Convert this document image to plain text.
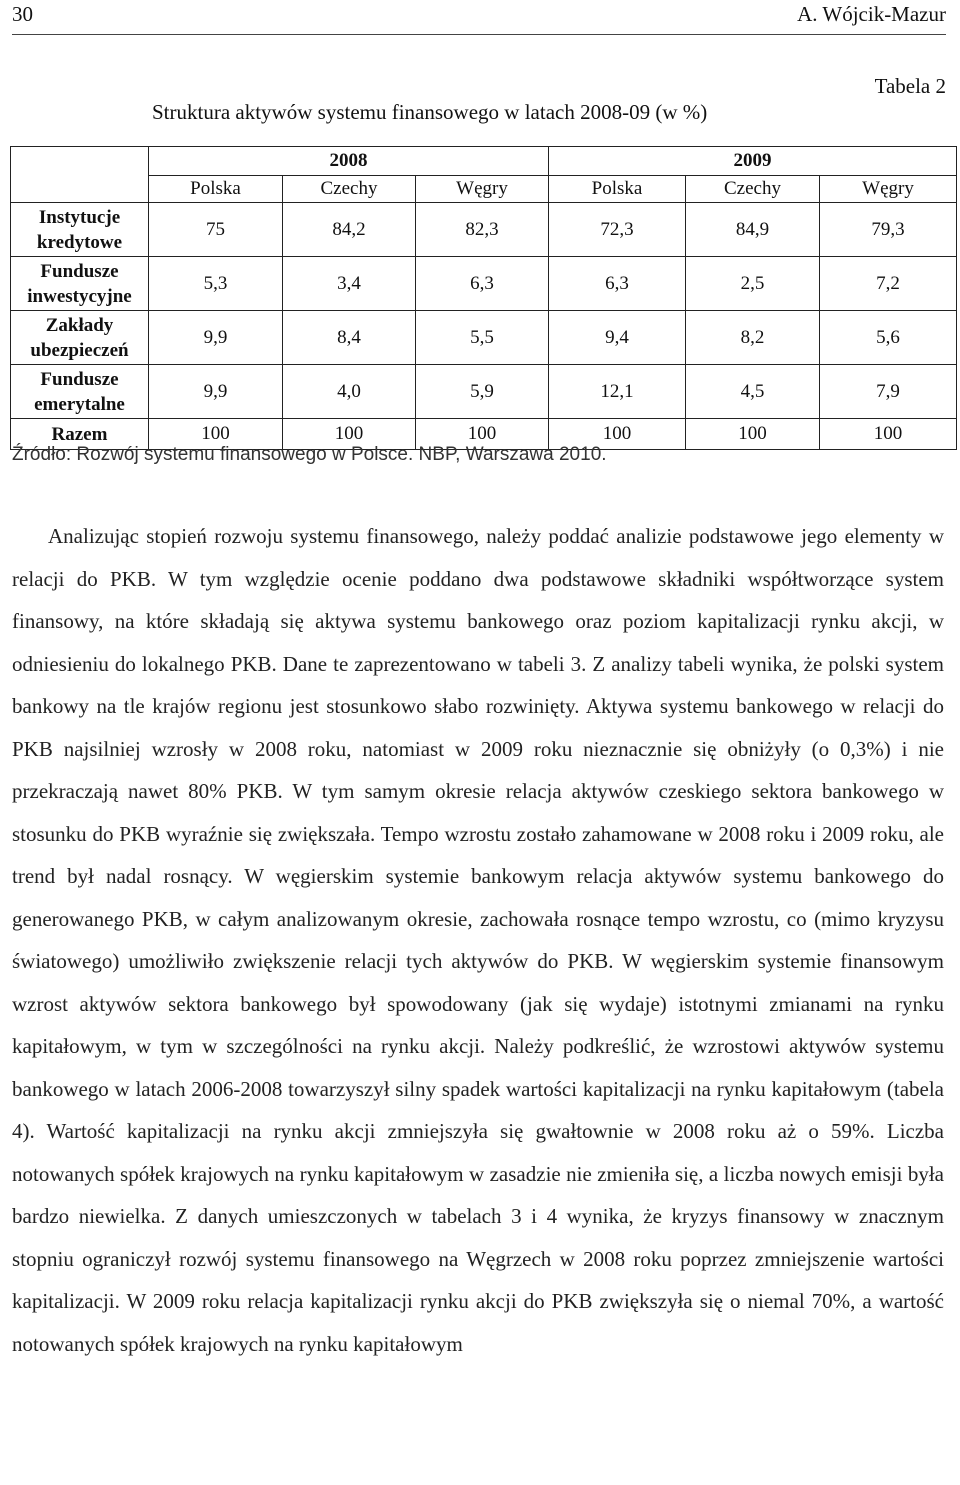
30	A. Wójcik-Mazur
Tabela 2
Struktura aktywów systemu finansowego w latach 2008-09 (w %)
	2008			2009		
	Polska	Czechy	Węgry	Polska	Czechy	Węgry
Instytucje kredytowe	75	84,2	82,3	72,3	84,9	79,3
Fundusze inwestycyjne	5,3	3,4	6,3	6,3	2,5	7,2
Zakłady ubezpieczeń	9,9	8,4	5,5	9,4	8,2	5,6
Fundusze emerytalne	9,9	4,0	5,9	12,1	4,5	7,9
Razem	100	100	100	100	100	100
Źródło: Rozwój systemu finansowego w Polsce. NBP, Warszawa 2010.

Analizując stopień rozwoju systemu finansowego, należy poddać analizie podstawowe jego elementy w relacji do PKB. W tym względzie ocenie poddano dwa podstawowe składniki współtworzące system finansowy, na które składają się aktywa systemu bankowego oraz poziom kapitalizacji rynku akcji, w odniesieniu do lokalnego PKB. Dane te zaprezentowano w tabeli 3. Z analizy tabeli wynika, że polski system bankowy na tle krajów regionu jest stosunkowo słabo rozwinięty. Aktywa systemu bankowego w relacji do PKB najsilniej wzrosły w 2008 roku, natomiast w 2009 roku nieznacznie się obniżyły (o 0,3%) i nie przekraczają nawet 80% PKB. W tym samym okresie relacja aktywów czeskiego sektora bankowego w stosunku do PKB wyraźnie się zwiększała. Tempo wzrostu zostało zahamowane w 2008 roku i 2009 roku, ale trend był nadal rosnący. W węgierskim systemie bankowym relacja aktywów systemu bankowego do generowanego PKB, w całym analizowanym okresie, zachowała rosnące tempo wzrostu, co (mimo kryzysu światowego) umożliwiło zwiększenie relacji tych aktywów do PKB. W węgierskim systemie finansowym wzrost aktywów sektora bankowego był spowodowany (jak się wydaje) istotnymi zmianami na rynku kapitałowym, w tym w szczególności na rynku akcji. Należy podkreślić, że wzrostowi aktywów systemu bankowego w latach 2006-2008 towarzyszył silny spadek wartości kapitalizacji na rynku kapitałowym (tabela 4). Wartość kapitalizacji na rynku akcji zmniejszyła się gwałtownie w 2008 roku aż o 59%. Liczba notowanych spółek krajowych na rynku kapitałowym w zasadzie nie zmieniła się, a liczba nowych emisji była bardzo niewielka. Z danych umieszczonych w tabelach 3 i 4 wynika, że kryzys finansowy w znacznym stopniu ograniczył rozwój systemu finansowego na Węgrzech w 2008 roku poprzez zmniejszenie wartości kapitalizacji. W 2009 roku relacja kapitalizacji rynku akcji do PKB zwiększyła się o niemal 70%, a wartość notowanych spółek krajowych na rynku kapitałowym
